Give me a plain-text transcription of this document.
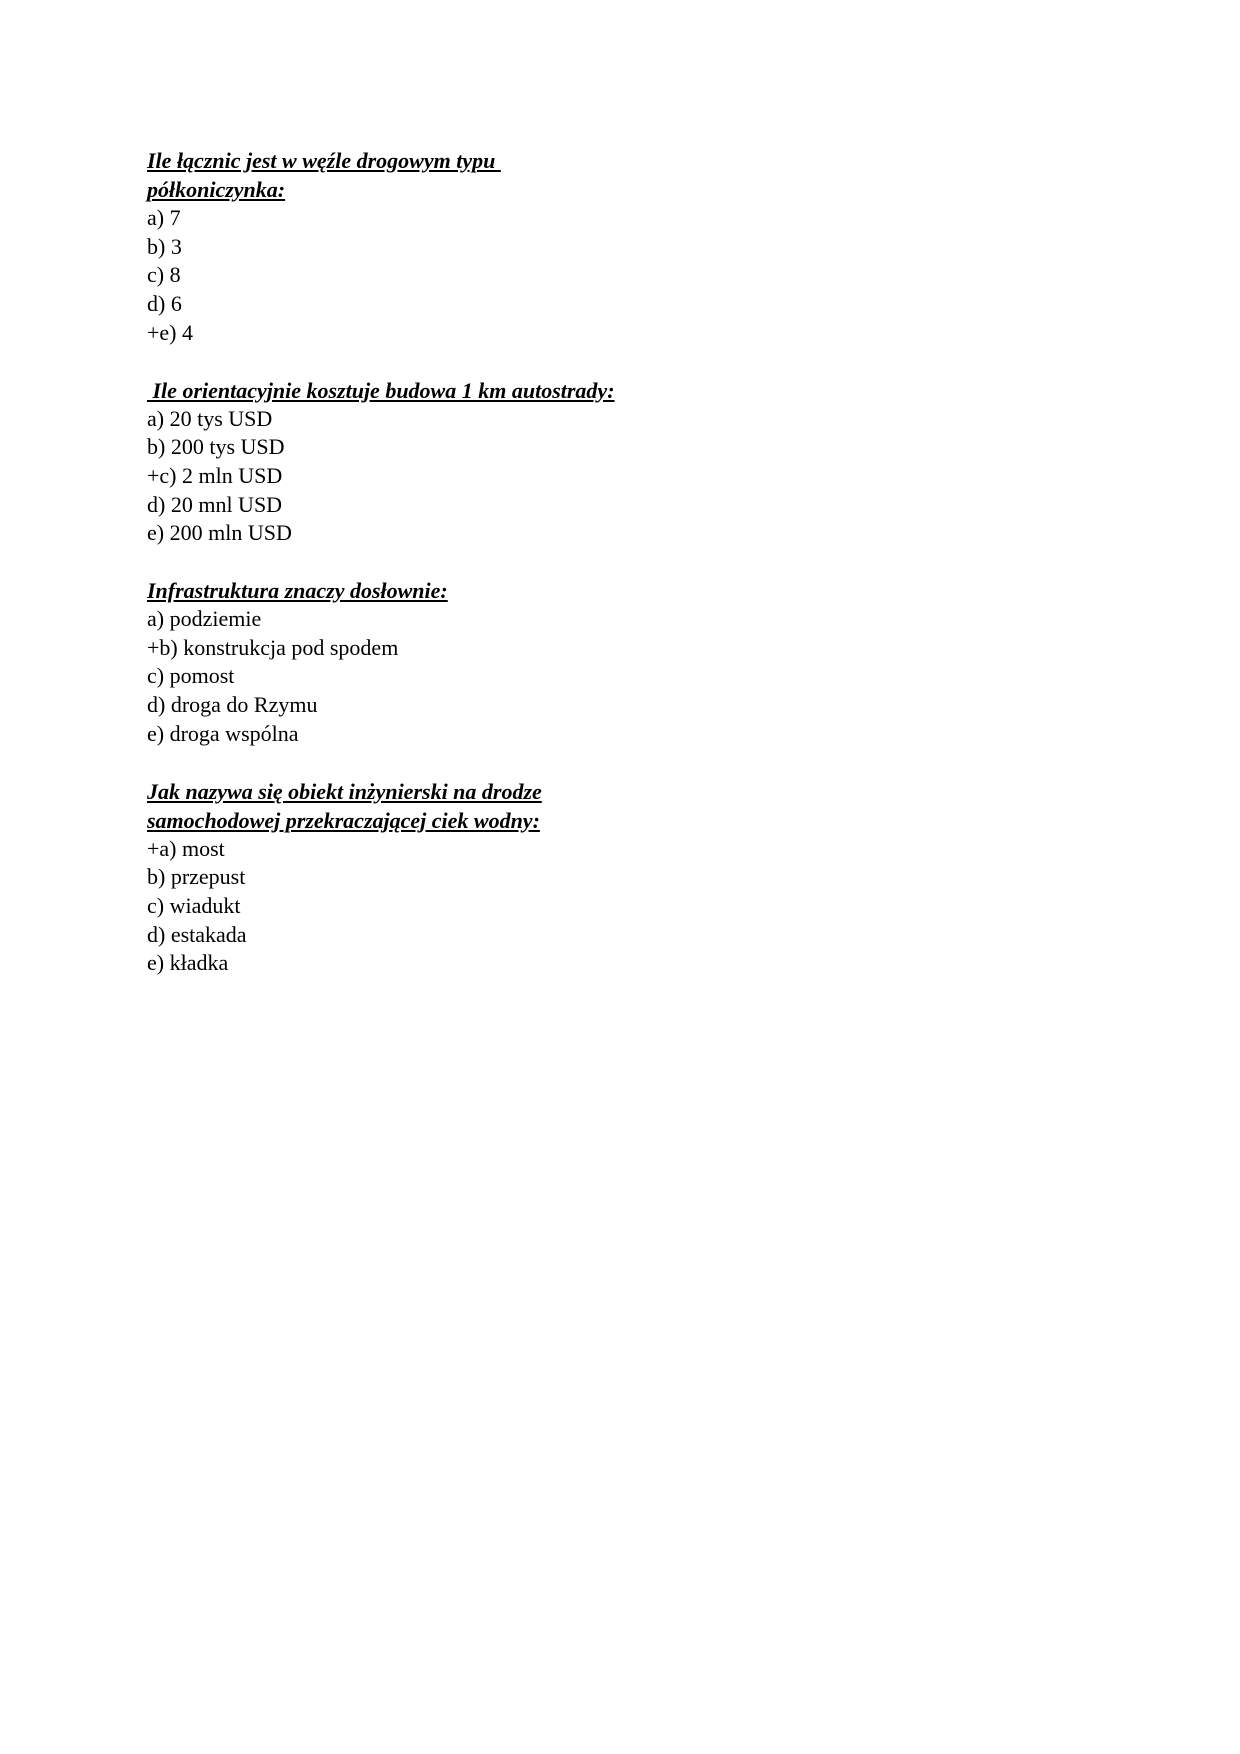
Ile łącznic jest w węźle drogowym typu
półkoniczynka:

a) 7
b) 3
c) 8
d) 6
+e) 4

Ile orientacyjnie kosztuje budowa 1 km autostrady:

a) 20 tys USD
b) 200 tys USD
+c) 2 mln USD
d) 20 mnl USD
e) 200 mln USD

Infrastruktura znaczy dosłownie:

a) podziemie
+b) konstrukcja pod spodem
c) pomost
d) droga do Rzymu
e) droga wspólna

Jak nazywa się obiekt inżynierski na drodze
samochodowej przekraczającej ciek wodny:

+a) most
b) przepust
c) wiadukt
d) estakada
e) kładka
